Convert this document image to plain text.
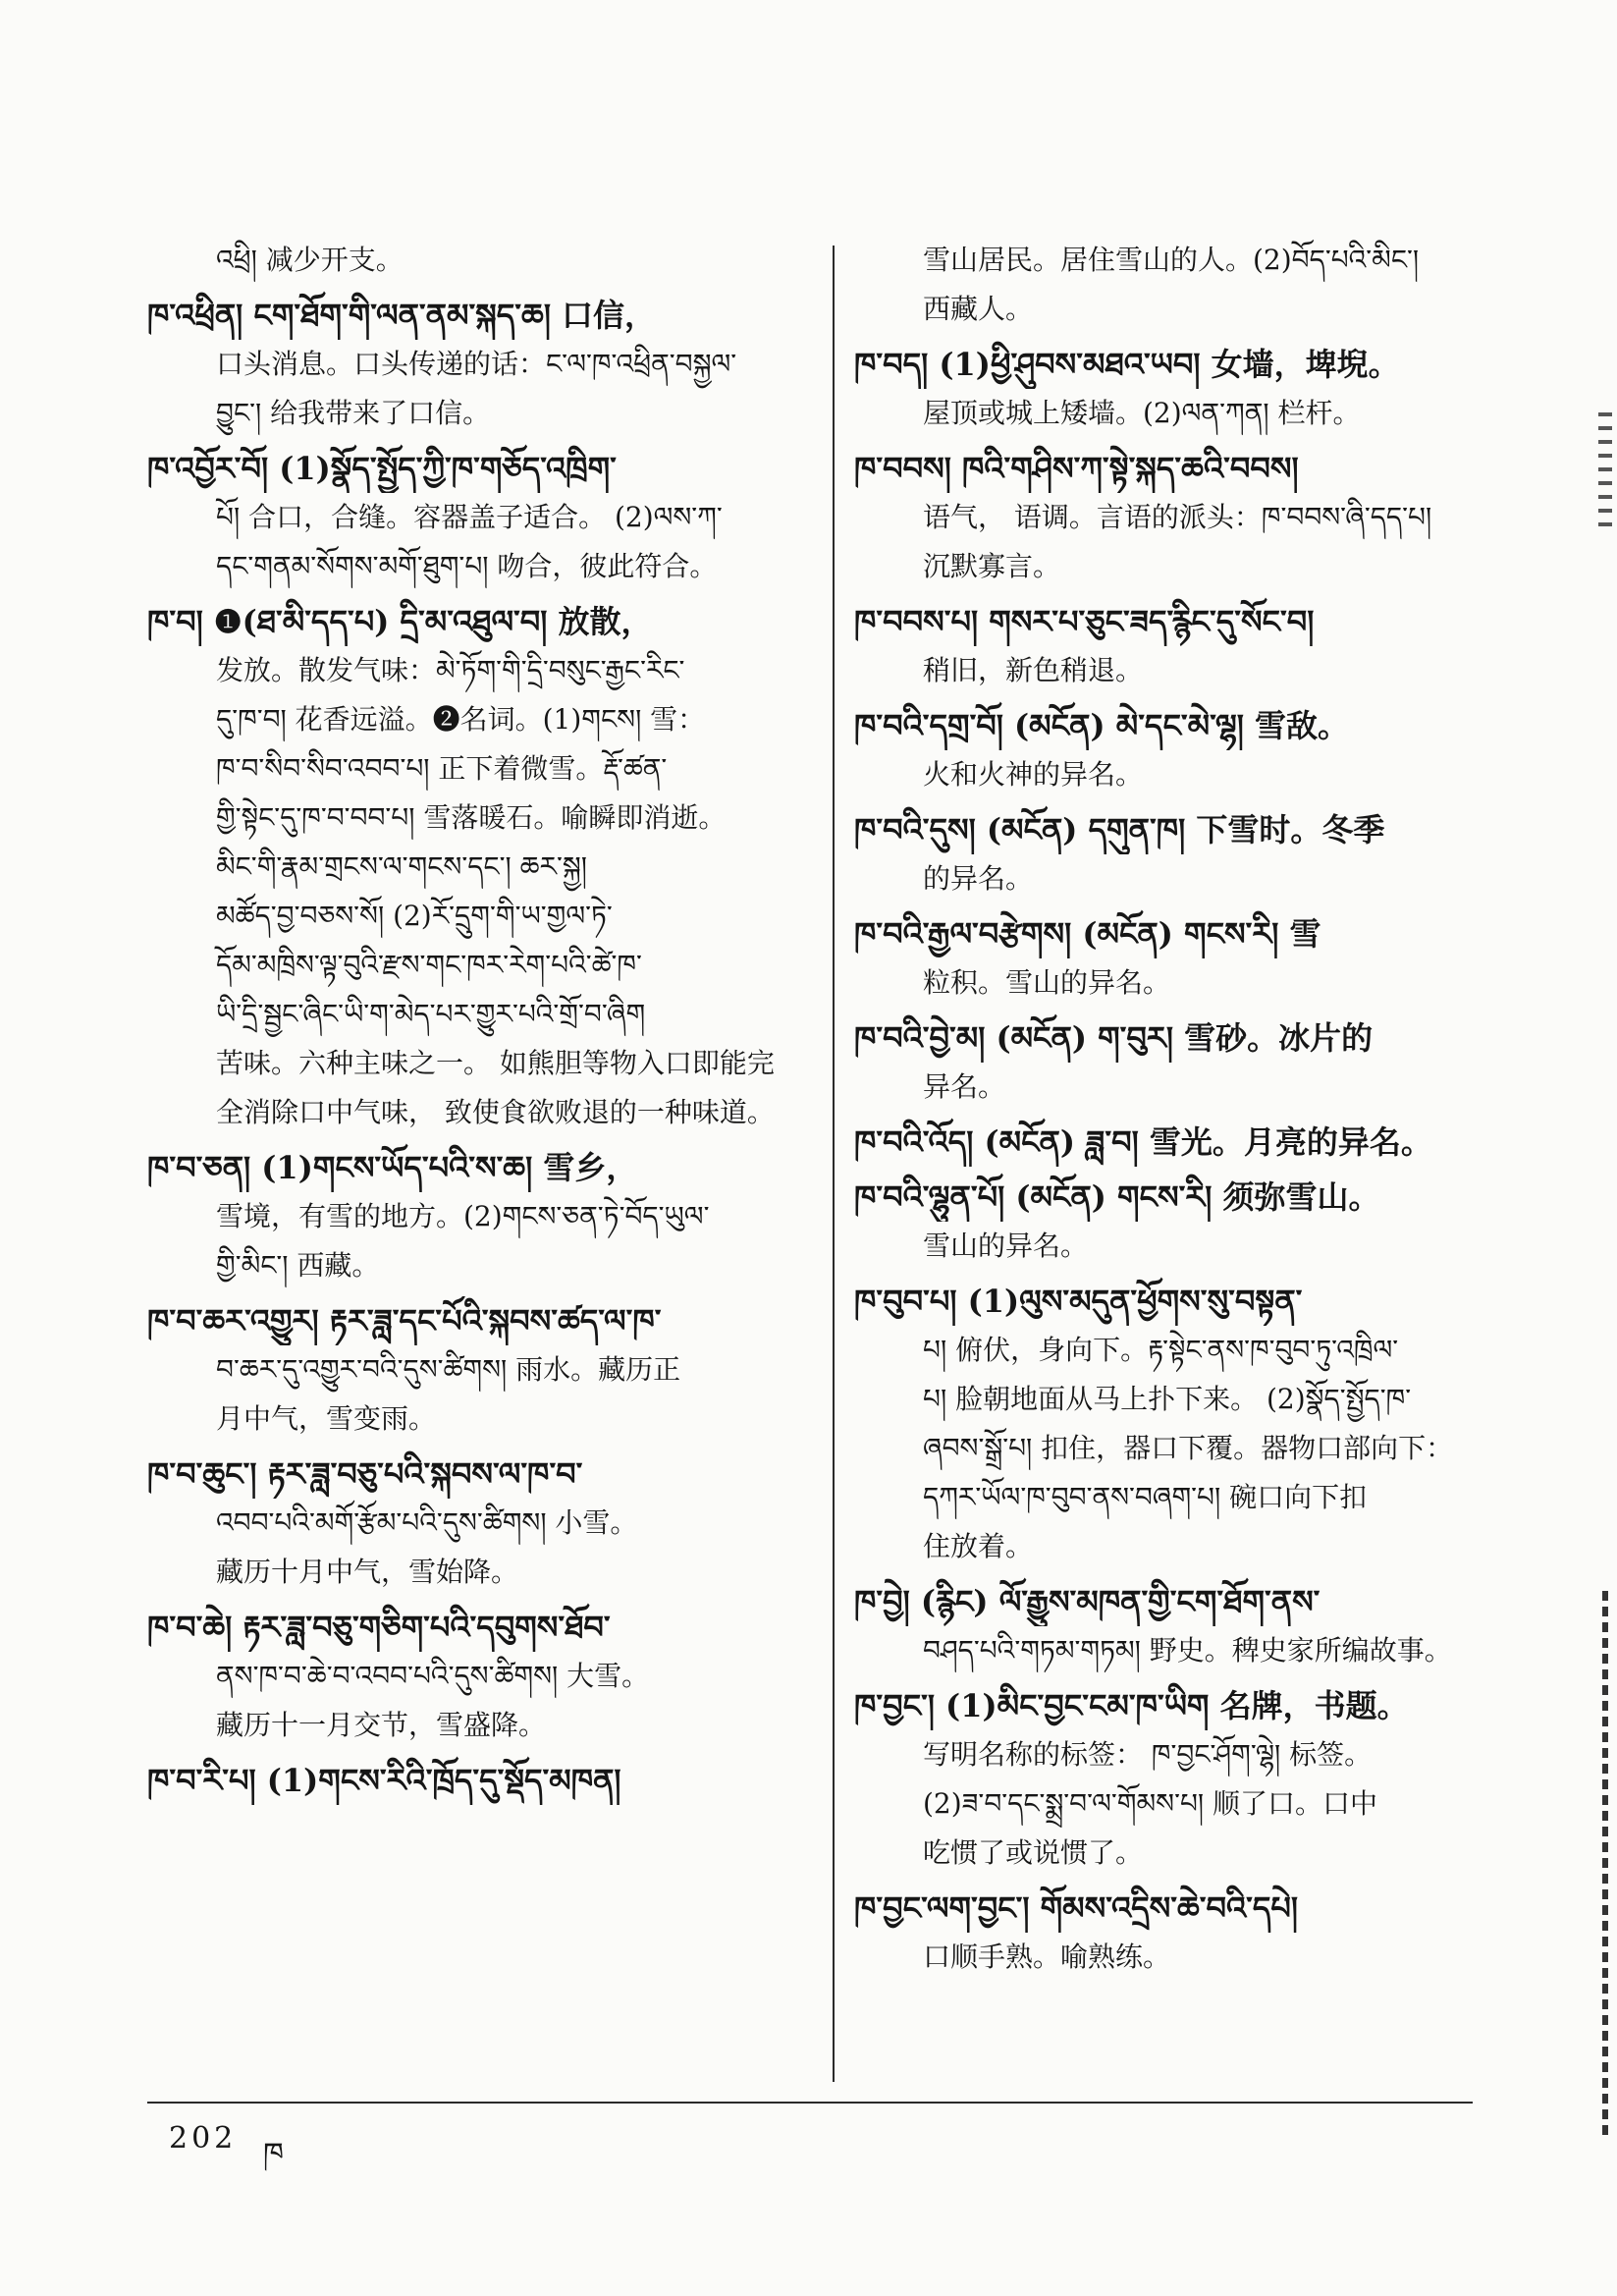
འཕྲི། 减少开支。
ཁ་འཕྲིན། ངག་ཐོག་གི་ལན་ནམ་སྐད་ཆ། 口信，
口头消息。口头传递的话：ང་ལ་ཁ་འཕྲིན་བསྐྱལ་
བྱུང་། 给我带来了口信。
ཁ་འབྱོར་བོ། (1)སྣོད་སྤྱོད་ཀྱི་ཁ་གཅོད་འཁྲིག་
པོ། 合口，合缝。容器盖子适合。 (2)ལས་ཀ་
དང་གནམ་སོགས་མགོ་ཐུག་པ། 吻合，彼此符合。
ཁ་བ། ❶(ཐ་མི་དད་པ) དྲི་མ་འཐུལ་བ། 放散，
发放。散发气味：མེ་ཏོག་གི་དྲི་བསུང་རྒྱང་རིང་
དུ་ཁ་བ། 花香远溢。❷名词。(1)གངས། 雪：
ཁ་བ་སིབ་སིབ་འབབ་པ། 正下着微雪。རྡོ་ཚན་
གྱི་སྟེང་དུ་ཁ་བ་བབ་པ། 雪落暖石。喻瞬即消逝。
མིང་གི་རྣམ་གྲངས་ལ་གངས་དང་། ཆར་སྐྱ།
མཚོད་བྱ་བཅས་སོ། (2)རོ་དྲུག་གི་ཡ་གྱལ་ཏེ་
དོམ་མཁྲིས་ལྟ་བུའི་རྫས་གང་ཁར་རེག་པའི་ཚེ་ཁ་
ཡི་དྲི་སྦྱང་ཞིང་ཡི་ག་མེད་པར་གྱུར་པའི་གྲོ་བ་ཞིག
苦味。六种主味之一。 如熊胆等物入口即能完
全消除口中气味， 致使食欲败退的一种味道。
ཁ་བ་ཅན། (1)གངས་ཡོད་པའི་ས་ཆ། 雪乡，
雪境，有雪的地方。(2)གངས་ཅན་ཏེ་བོད་ཡུལ་
གྱི་མིང་། 西藏。
ཁ་བ་ཆར་འགྱུར། རྟར་ཟླ་དང་པོའི་སྐབས་ཚད་ལ་ཁ་
བ་ཆར་དུ་འགྱུར་བའི་དུས་ཚིགས། 雨水。藏历正
月中气，雪变雨。
ཁ་བ་ཆུང་། རྟར་ཟླ་བཅུ་པའི་སྐབས་ལ་ཁ་བ་
འབབ་པའི་མགོ་རྩོམ་པའི་དུས་ཚིགས། 小雪。
藏历十月中气，雪始降。
ཁ་བ་ཆེ། རྟར་ཟླ་བཅུ་གཅིག་པའི་དབུགས་ཐོབ་
ནས་ཁ་བ་ཆེ་བ་འབབ་པའི་དུས་ཚིགས། 大雪。
藏历十一月交节，雪盛降。
ཁ་བ་རི་པ། (1)གངས་རིའི་ཁྲོད་དུ་སྡོད་མཁན།
雪山居民。居住雪山的人。(2)བོད་པའི་མིང་།
西藏人。
ཁ་བད། (1)ཕྱི་ཤུབས་མཐའ་ཡབ། 女墙，埤堄。
屋顶或城上矮墙。(2)ལན་ཀན། 栏杆。
ཁ་བབས། ཁའི་གཤིས་ཀ་སྟེ་སྐད་ཆའི་བབས།
语气， 语调。言语的派头：ཁ་བབས་ཞི་དད་པ།
沉默寡言。
ཁ་བབས་པ། གསར་པ་ཅུང་ཟད་རྙིང་དུ་སོང་བ།
稍旧，新色稍退。
ཁ་བའི་དགྲ་བོ། (མངོན) མེ་དང་མེ་ལྷ། 雪敌。
火和火神的异名。
ཁ་བའི་དུས། (མངོན) དགུན་ཁ། 下雪时。冬季
的异名。
ཁ་བའི་རྒྱལ་བརྩེགས། (མངོན) གངས་རི། 雪
粒积。雪山的异名。
ཁ་བའི་བྱེ་མ། (མངོན) ག་བུར། 雪砂。冰片的
异名。
ཁ་བའི་འོད། (མངོན) ཟླ་བ། 雪光。月亮的异名。
ཁ་བའི་ལྷུན་པོ། (མངོན) གངས་རི། 须弥雪山。
雪山的异名。
ཁ་བུབ་པ། (1)ལུས་མདུན་ཕྱོགས་སུ་བསྟན་
པ། 俯伏，身向下。རྟ་སྟེང་ནས་ཁ་བུབ་ཏུ་འཁྲིལ་
པ། 脸朝地面从马上扑下来。 (2)སྣོད་སྤྱོད་ཁ་
ཞབས་སྒྲོ་པ། 扣住，器口下覆。器物口部向下：
དཀར་ཡོལ་ཁ་བུབ་ནས་བཞག་པ། 碗口向下扣
住放着。
ཁ་བྱེ། (རྙིང) ལོ་རྒྱུས་མཁན་གྱི་ངག་ཐོག་ནས་
བཤད་པའི་གཏམ་གཏམ། 野史。稗史家所编故事。
ཁ་བྱང་། (1)མིང་བྱང་ངམ་ཁ་ཡིག 名牌，书题。
写明名称的标签： ཁ་བྱང་ཤོག་ལྷེ། 标签。
(2)ཟ་བ་དང་སྨྲ་བ་ལ་གོམས་པ། 顺了口。口中
吃惯了或说惯了。
ཁ་བྱང་ལག་བྱང་། གོམས་འདྲིས་ཆེ་བའི་དཔེ།
口顺手熟。喻熟练。
202 ཁ
